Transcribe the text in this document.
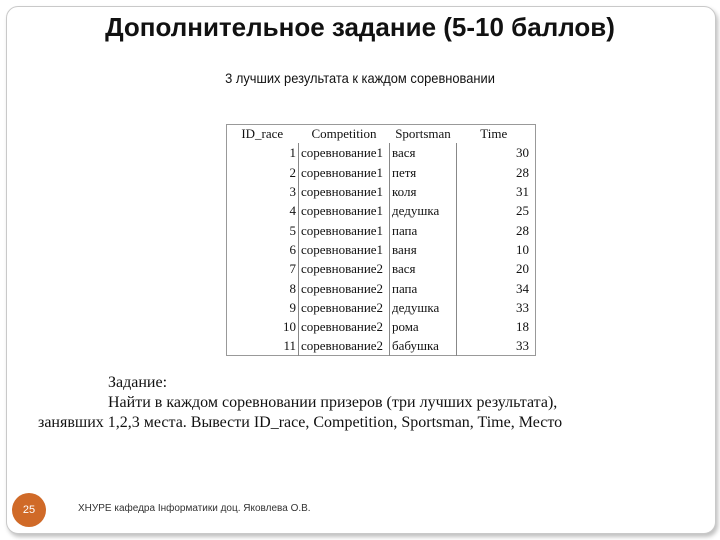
Дополнительное задание (5-10 баллов)
3 лучших результата к каждом соревновании
ID_race	Competition	Sportsman	Time
1	соревнование1	вася	30
2	соревнование1	петя	28
3	соревнование1	коля	31
4	соревнование1	дедушка	25
5	соревнование1	папа	28
6	соревнование1	ваня	10
7	соревнование2	вася	20
8	соревнование2	папа	34
9	соревнование2	дедушка	33
10	соревнование2	рома	18
11	соревнование2	бабушка	33
Задание:
Найти в каждом соревновании призеров (три лучших результата),
занявших 1,2,3 места. Вывести ID_race, Competition, Sportsman, Time, Место
25	ХНУРЕ кафедра Інформатики доц. Яковлева О.В.
